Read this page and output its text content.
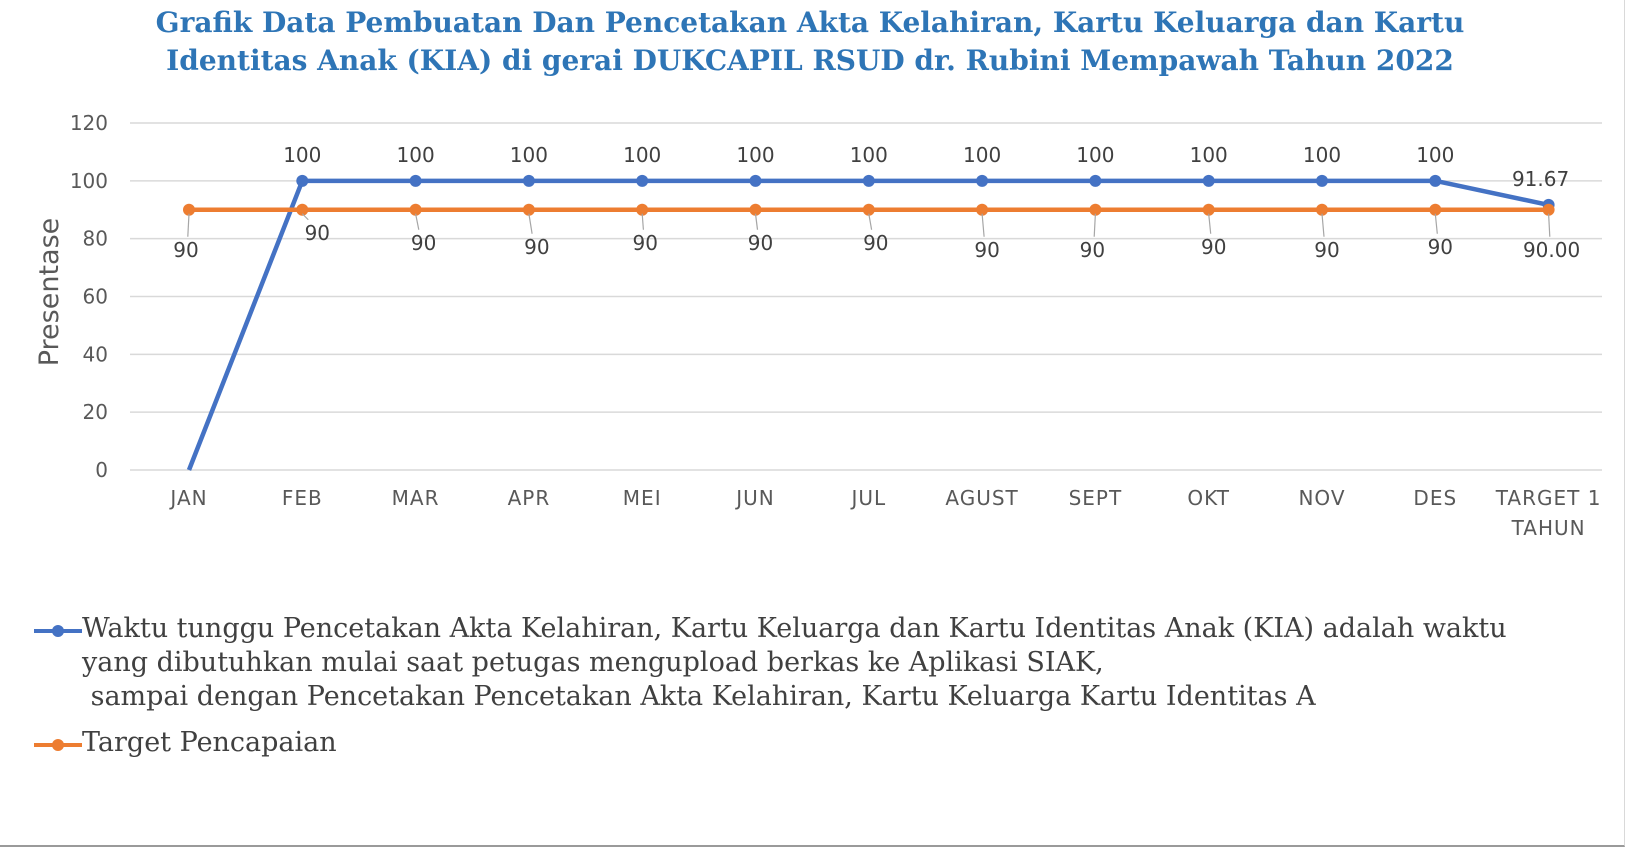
Grafik Data Pembuatan Dan Pencetakan Akta Kelahiran, Kartu Keluarga dan Kartu
Identitas Anak (KIA) di gerai DUKCAPIL RSUD dr. Rubini Mempawah Tahun 2022
0
20
40
60
80
100
120
Presentase
JAN	FEB	MAR	APR	MEI	JUN	JUL	AGUST SEPT	OKT	NOV	DES TARGET 1
TAHUN
100	100	100	100	100	100	100	100	100	100	100
91.67
90
90	90	90	90	90	90	90	90	90	90	90	90.00
Waktu tunggu Pencetakan Akta Kelahiran, Kartu Keluarga dan Kartu Identitas Anak (KIA) adalah waktu
yang dibutuhkan mulai saat petugas mengupload berkas ke Aplikasi SIAK,
sampai dengan Pencetakan Pencetakan Akta Kelahiran, Kartu Keluarga Kartu Identitas A
Target Pencapaian
